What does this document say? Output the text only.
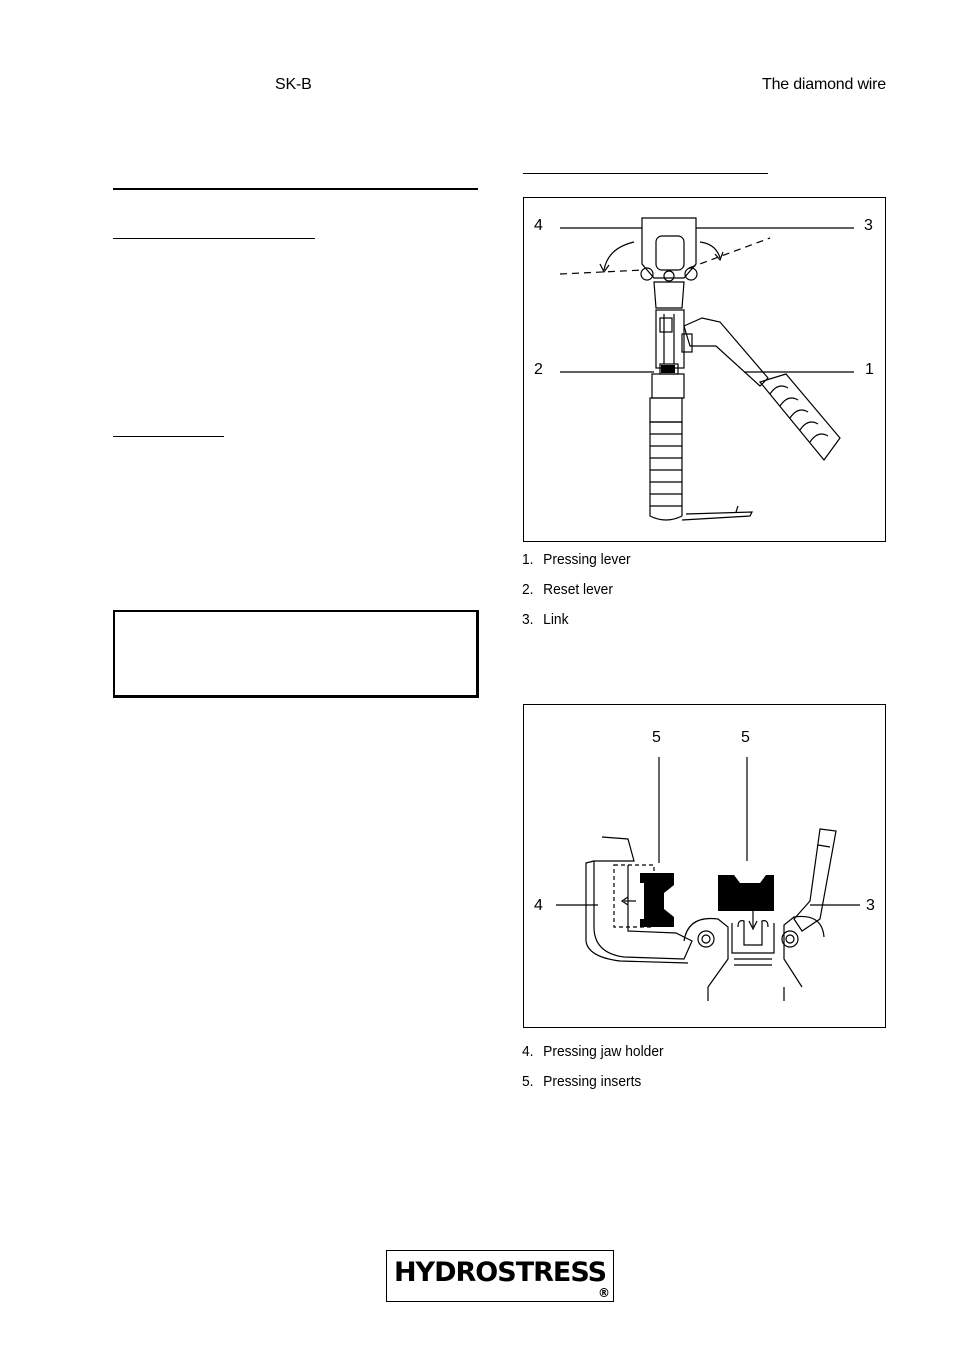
SK-B	The diamond wire
4	3
2	1
1. Pressing lever
2. Reset lever
3. Link
5	5
4	3
4. Pressing jaw holder
5. Pressing inserts
HYDROSTRESS
®
